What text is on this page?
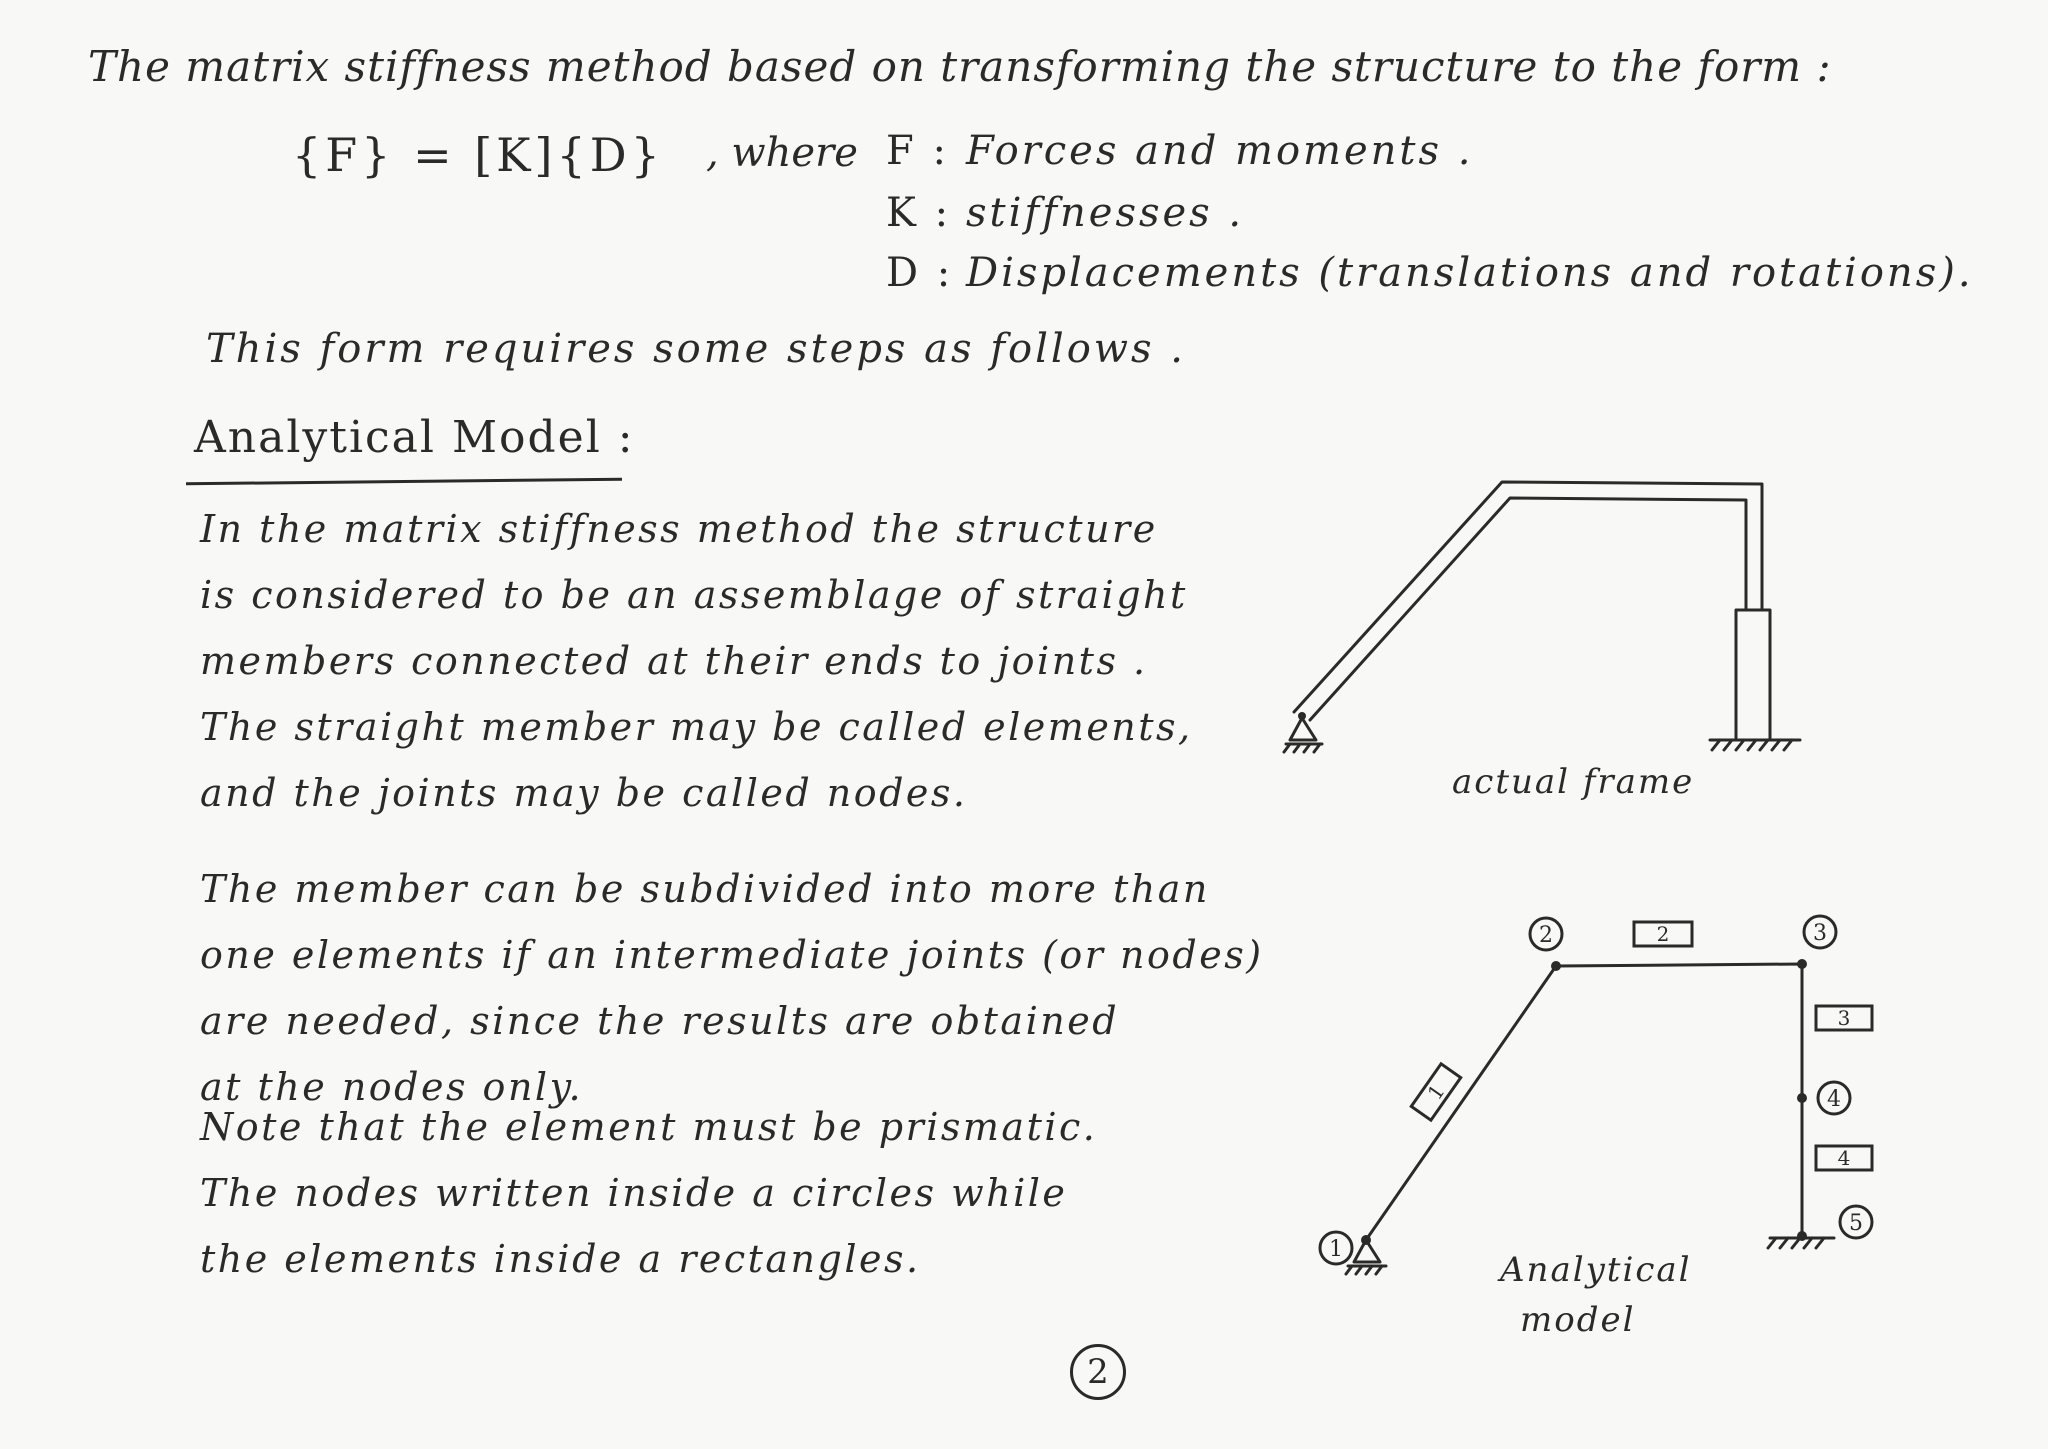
The matrix stiffness method based on transforming the structure to the form :
{F} = [K]{D} , where F : Forces and moments .
K : stiffnesses .
D : Displacements (translations and rotations).
This form requires some steps as follows .
Analytical Model :
In the matrix stiffness method the structure
is considered to be an assemblage of straight
members connected at their ends to joints .
The straight member may be called elements,
and the joints may be called nodes.
The member can be subdivided into more than
one elements if an intermediate joints (or nodes)
are needed, since the results are obtained
at the nodes only.
Note that the element must be prismatic.
The nodes written inside a circles while
the elements inside a rectangles.
actual frame
1
2	3
4
5
1
2
3
4
Analytical
model
2
